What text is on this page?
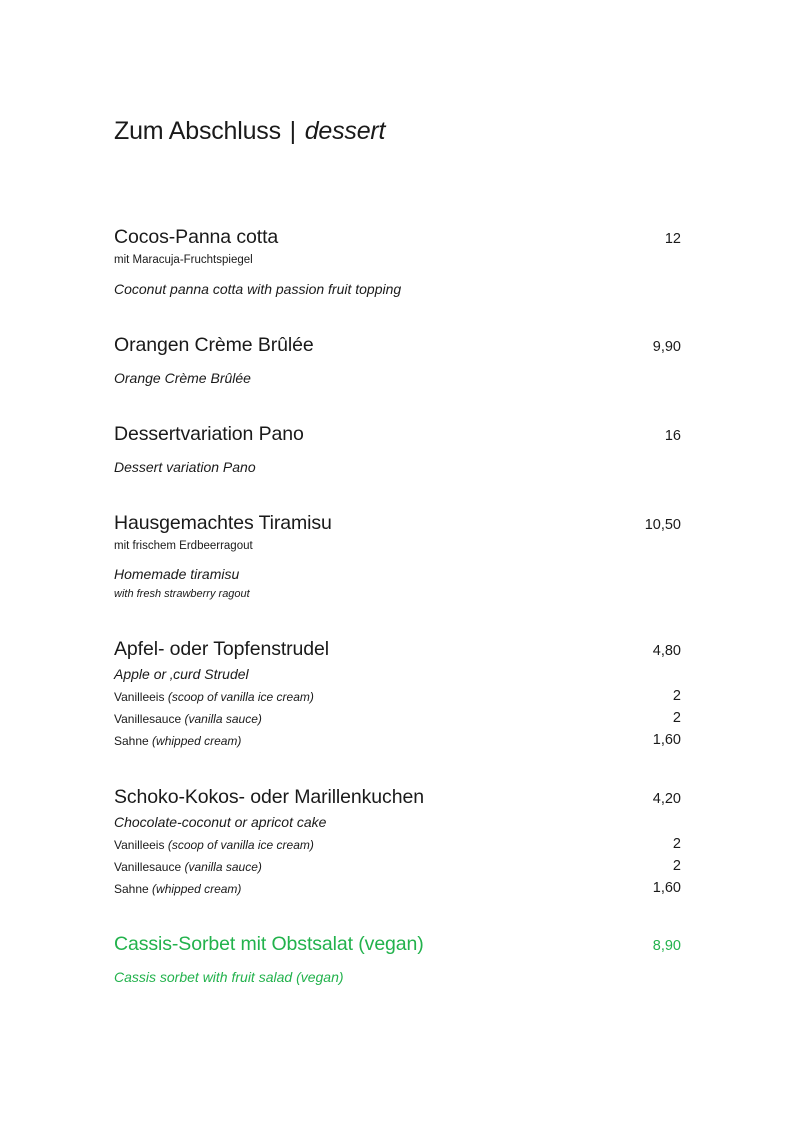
Zum Abschluss | dessert
Cocos-Panna cotta	12
mit Maracuja-Fruchtspiegel
Coconut panna cotta with passion fruit topping
Orangen Crème Brûlée	9,90
Orange Crème Brûlée
Dessertvariation Pano	16
Dessert variation Pano
Hausgemachtes Tiramisu	10,50
mit frischem Erdbeerragout
Homemade tiramisu
with fresh strawberry ragout
Apfel- oder Topfenstrudel	4,80
Apple or ‚curd Strudel
Vanilleeis (scoop of vanilla ice cream)	2
Vanillesauce (vanilla sauce)	2
Sahne (whipped cream)	1,60
Schoko-Kokos- oder Marillenkuchen	4,20
Chocolate-coconut or apricot cake
Vanilleeis (scoop of vanilla ice cream)	2
Vanillesauce (vanilla sauce)	2
Sahne (whipped cream)	1,60
Cassis-Sorbet mit Obstsalat (vegan)	8,90
Cassis sorbet with fruit salad (vegan)
